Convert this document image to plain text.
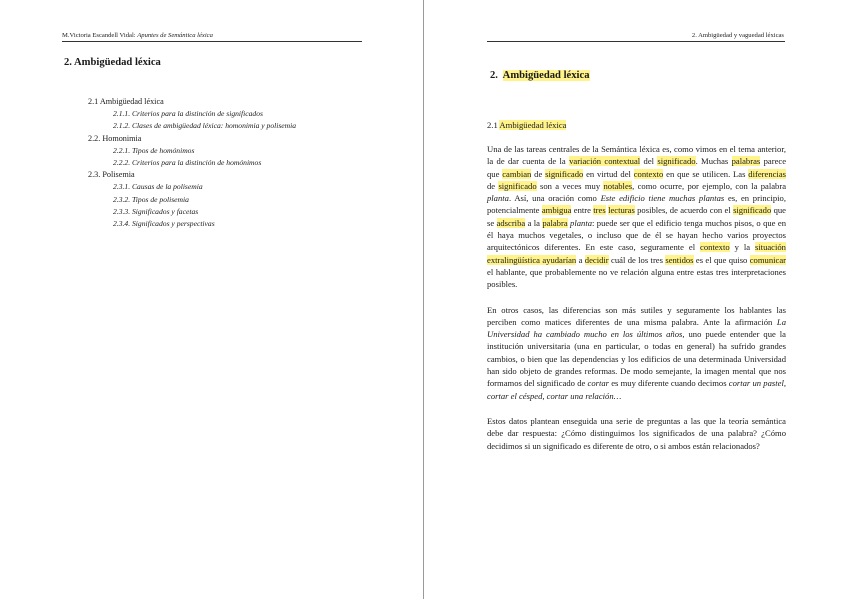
M.Victoria Escandell Vidal: Apuntes de Semántica léxica
2. Ambigüedad léxica
2.1 Ambigüedad léxica
2.1.1. Criterios para la distinción de significados
2.1.2. Clases de ambigüedad léxica: homonimia y polisemia
2.2. Homonimia
2.2.1. Tipos de homónimos
2.2.2. Criterios para la distinción de homónimos
2.3. Polisemia
2.3.1. Causas de la polisemia
2.3.2. Tipos de polisemia
2.3.3. Significados y facetas
2.3.4. Significados y perspectivas
2. Ambigüedad y vaguedad léxicas
2. Ambigüedad léxica
2.1 Ambigüedad léxica

Una de las tareas centrales de la Semántica léxica es, como vimos en el tema anterior, la de dar cuenta de la variación contextual del significado. Muchas palabras parece que cambian de significado en virtud del contexto en que se utilicen. Las diferencias de significado son a veces muy notables, como ocurre, por ejemplo, con la palabra planta. Así, una oración como Este edificio tiene muchas plantas es, en principio, potencialmente ambigua entre tres lecturas posibles, de acuerdo con el significado que se adscriba a la palabra planta: puede ser que el edificio tenga muchos pisos, o que en él haya muchos vegetales, o incluso que de él se hayan hecho varios proyectos arquitectónicos diferentes. En este caso, seguramente el contexto y la situación extralingüística ayudarían a decidir cuál de los tres sentidos es el que quiso comunicar el hablante, que probablemente no ve relación alguna entre estas tres interpretaciones posibles.

En otros casos, las diferencias son más sutiles y seguramente los hablantes las perciben como matices diferentes de una misma palabra. Ante la afirmación La Universidad ha cambiado mucho en los últimos años, uno puede entender que la institución universitaria (una en particular, o todas en general) ha sufrido grandes cambios, o bien que las dependencias y los edificios de una determinada Universidad han sido objeto de grandes reformas. De modo semejante, la imagen mental que nos formamos del significado de cortar es muy diferente cuando decimos cortar un pastel, cortar el césped, cortar una relación…

Estos datos plantean enseguida una serie de preguntas a las que la teoría semántica debe dar respuesta: ¿Cómo distinguimos los significados de una palabra? ¿Cómo decidimos si un significado es diferente de otro, o si ambos están relacionados?
